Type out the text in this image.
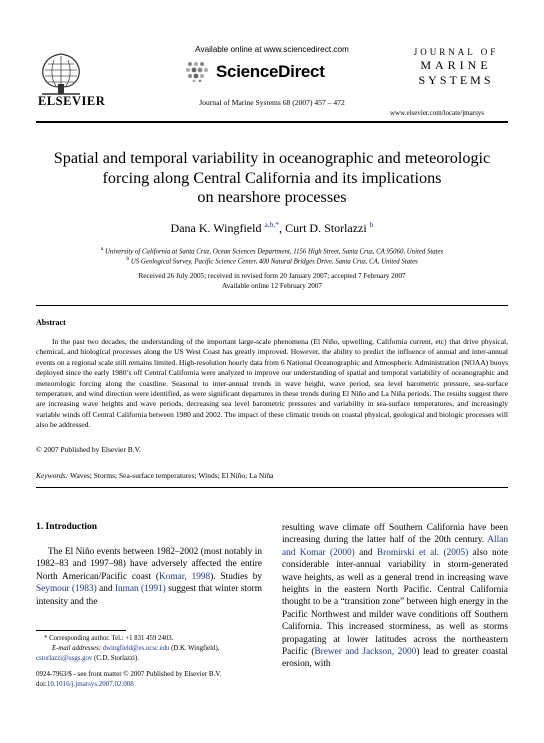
ELSEVIER
Available online at www.sciencedirect.com
ScienceDirect
Journal of Marine Systems 68 (2007) 457 – 472
JOURNAL OF
MARINE
SYSTEMS
www.elsevier.com/locate/jmarsys
Spatial and temporal variability in oceanographic and meteorologic
forcing along Central California and its implications
on nearshore processes
Dana K. Wingfield $^{a,b,*}$, Curt D. Storlazzi $^b$
$^a$ University of California at Santa Cruz, Ocean Sciences Department, 1156 High Street, Santa Cruz, CA 95060, United States
$^b$ US Geological Survey, Pacific Science Center, 400 Natural Bridges Drive, Santa Cruz, CA, United States
Received 26 July 2005; received in revised form 20 January 2007; accepted 7 February 2007
Available online 12 February 2007
Abstract
In the past two decades, the understanding of the important large-scale phenomena (El Niño, upwelling, California current, etc) that drive physical, chemical, and biological processes along the US West Coast has greatly improved. However, the ability to predict the influence of annual and inter-annual events on a regional scale still remains limited. High-resolution hourly data from 6 National Oceanographic and Atmospheric Administration (NOAA) buoys deployed since the early 1980’s off Central California were analyzed to improve our understanding of spatial and temporal variability of oceanographic and meteorologic forcing along the coastline. Seasonal to inter-annual trends in wave height, wave period, sea level barometric pressure, sea-surface temperature, and wind direction were identified, as were significant departures in these trends during El Niño and La Niña periods. The results suggest there are increasing wave heights and wave periods, decreasing sea level barometric pressures and variability in sea-surface temperatures, and increasingly variable winds off Central California between 1980 and 2002. The impact of these climatic trends on coastal physical, geological and biologic processes will also be addressed.
© 2007 Published by Elsevier B.V.
Keywords: Waves; Storms; Sea-surface temperatures; Winds; El Niño; La Niña
1. Introduction
The El Niño events between 1982–2002 (most notably in 1982–83 and 1997–98) have adversely affected the entire North American/Pacific coast (Komar, 1998). Studies by Seymour (1983) and Inman (1991) suggest that winter storm intensity and the
* Corresponding author. Tel.: +1 831 459 2403.
E-mail addresses: dwingfield@es.ucsc.edu (D.K. Wingfield),
cstorlazzi@usgs.gov (C.D. Storlazzi).
0924-7963/$ - see front matter © 2007 Published by Elsevier B.V.
doi:10.1016/j.jmarsys.2007.02.008
resulting wave climate off Southern California have been increasing during the latter half of the 20th century. Allan and Komar (2000) and Bromirski et al. (2005) also note considerable inter-annual variability in storm-generated wave heights, as well as a general trend in increasing wave heights in the eastern North Pacific. Central California thought to be a “transition zone” between high energy in the Pacific Northwest and milder wave conditions off Southern California. This increased storminess, as well as storms propagating at lower latitudes across the northeastern Pacific (Brewer and Jackson, 2000) lead to greater coastal erosion, with
